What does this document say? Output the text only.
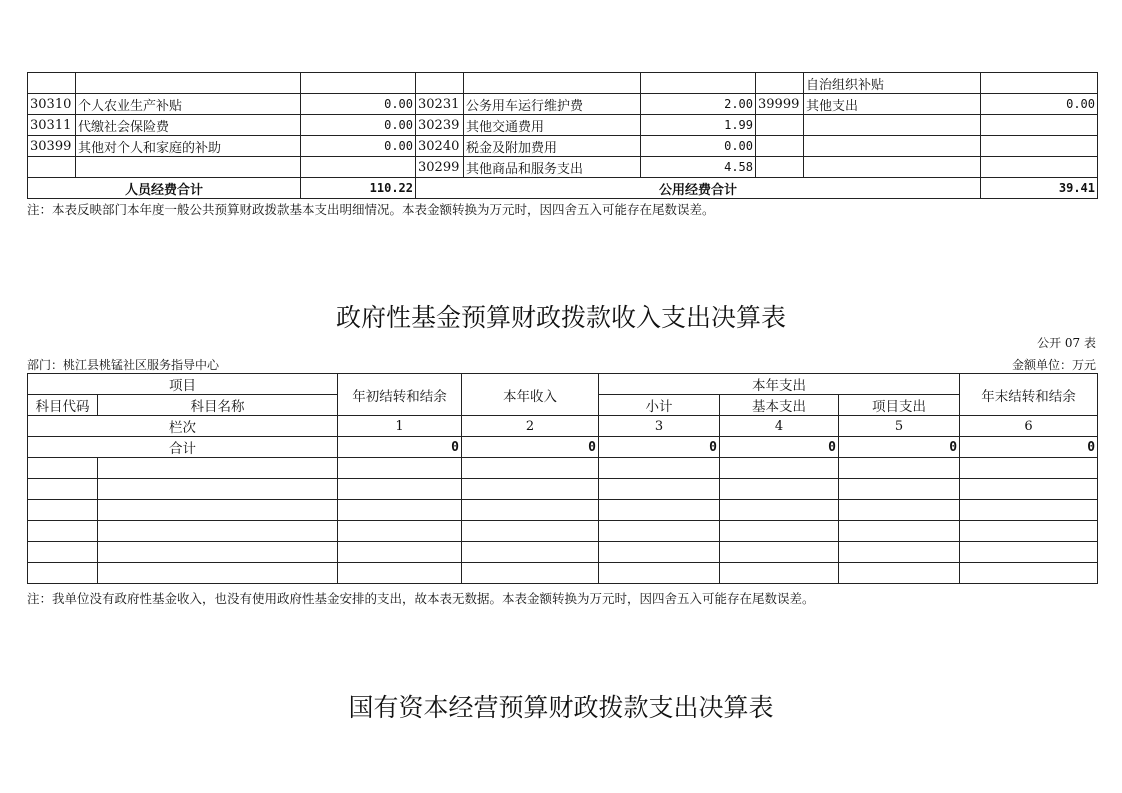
							自治组织补贴	
30310	个人农业生产补贴	0.00	30231	公务用车运行维护费	2.00	39999	其他支出	0.00
30311	代缴社会保险费	0.00	30239	其他交通费用	1.99			
30399	其他对个人和家庭的补助	0.00	30240	税金及附加费用	0.00			
			30299	其他商品和服务支出	4.58			
人员经费合计		110.22	公用经费合计					39.41
注：本表反映部门本年度一般公共预算财政拨款基本支出明细情况。本表金额转换为万元时，因四舍五入可能存在尾数误差。
政府性基金预算财政拨款收入支出决算表
公开 07 表
部门：桃江县桃锰社区服务指导中心	金额单位：万元
项目		年初结转和结余	本年收入	本年支出			年末结转和结余
科目代码	科目名称			小计	基本支出	项目支出	
栏次		1	2	3	4	5	6
合计		0	0	0	0	0	0

注：我单位没有政府性基金收入，也没有使用政府性基金安排的支出，故本表无数据。本表金额转换为万元时，因四舍五入可能存在尾数误差。
国有资本经营预算财政拨款支出决算表
